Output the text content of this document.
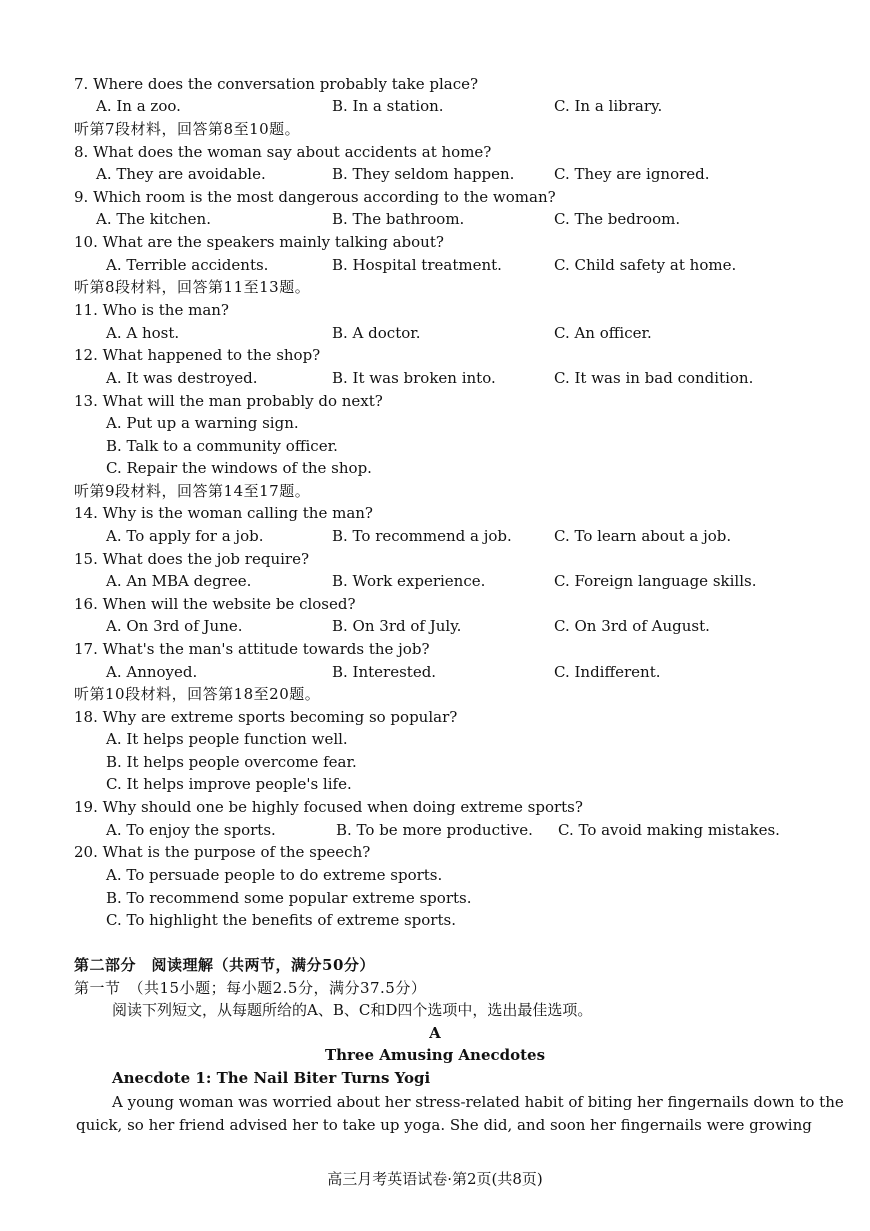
7. Where does the conversation probably take place?
A. In a zoo.	B. In a station.	C. In a library.
听第7段材料，回答第8至10题。
8. What does the woman say about accidents at home?
A. They are avoidable.	B. They seldom happen.	C. They are ignored.
9. Which room is the most dangerous according to the woman?
A. The kitchen.	B. The bathroom.	C. The bedroom.
10. What are the speakers mainly talking about?
A. Terrible accidents.	B. Hospital treatment.	C. Child safety at home.
听第8段材料，回答第11至13题。
11. Who is the man?
A. A host.	B. A doctor.	C. An officer.
12. What happened to the shop?
A. It was destroyed.	B. It was broken into.	C. It was in bad condition.
13. What will the man probably do next?
A. Put up a warning sign.
B. Talk to a community officer.
C. Repair the windows of the shop.
听第9段材料，回答第14至17题。
14. Why is the woman calling the man?
A. To apply for a job.	B. To recommend a job.	C. To learn about a job.
15. What does the job require?
A. An MBA degree.	B. Work experience.	C. Foreign language skills.
16. When will the website be closed?
A. On 3rd of June.	B. On 3rd of July.	C. On 3rd of August.
17. What's the man's attitude towards the job?
A. Annoyed.	B. Interested.	C. Indifferent.
听第10段材料，回答第18至20题。
18. Why are extreme sports becoming so popular?
A. It helps people function well.
B. It helps people overcome fear.
C. It helps improve people's life.
19. Why should one be highly focused when doing extreme sports?
A. To enjoy the sports.	B. To be more productive. C. To avoid making mistakes.
20. What is the purpose of the speech?
A. To persuade people to do extreme sports.
B. To recommend some popular extreme sports.
C. To highlight the benefits of extreme sports.
第二部分　阅读理解（共两节，满分50分）
第一节　（共15小题；每小题2.5分，满分37.5分）
阅读下列短文，从每题所给的A、B、C和D四个选项中，选出最佳选项。
A
Three Amusing Anecdotes
Anecdote 1: The Nail Biter Turns Yogi
A young woman was worried about her stress-related habit of biting her fingernails down to the
quick, so her friend advised her to take up yoga. She did, and soon her fingernails were growing
高三月考英语试卷·第2页(共8页)
